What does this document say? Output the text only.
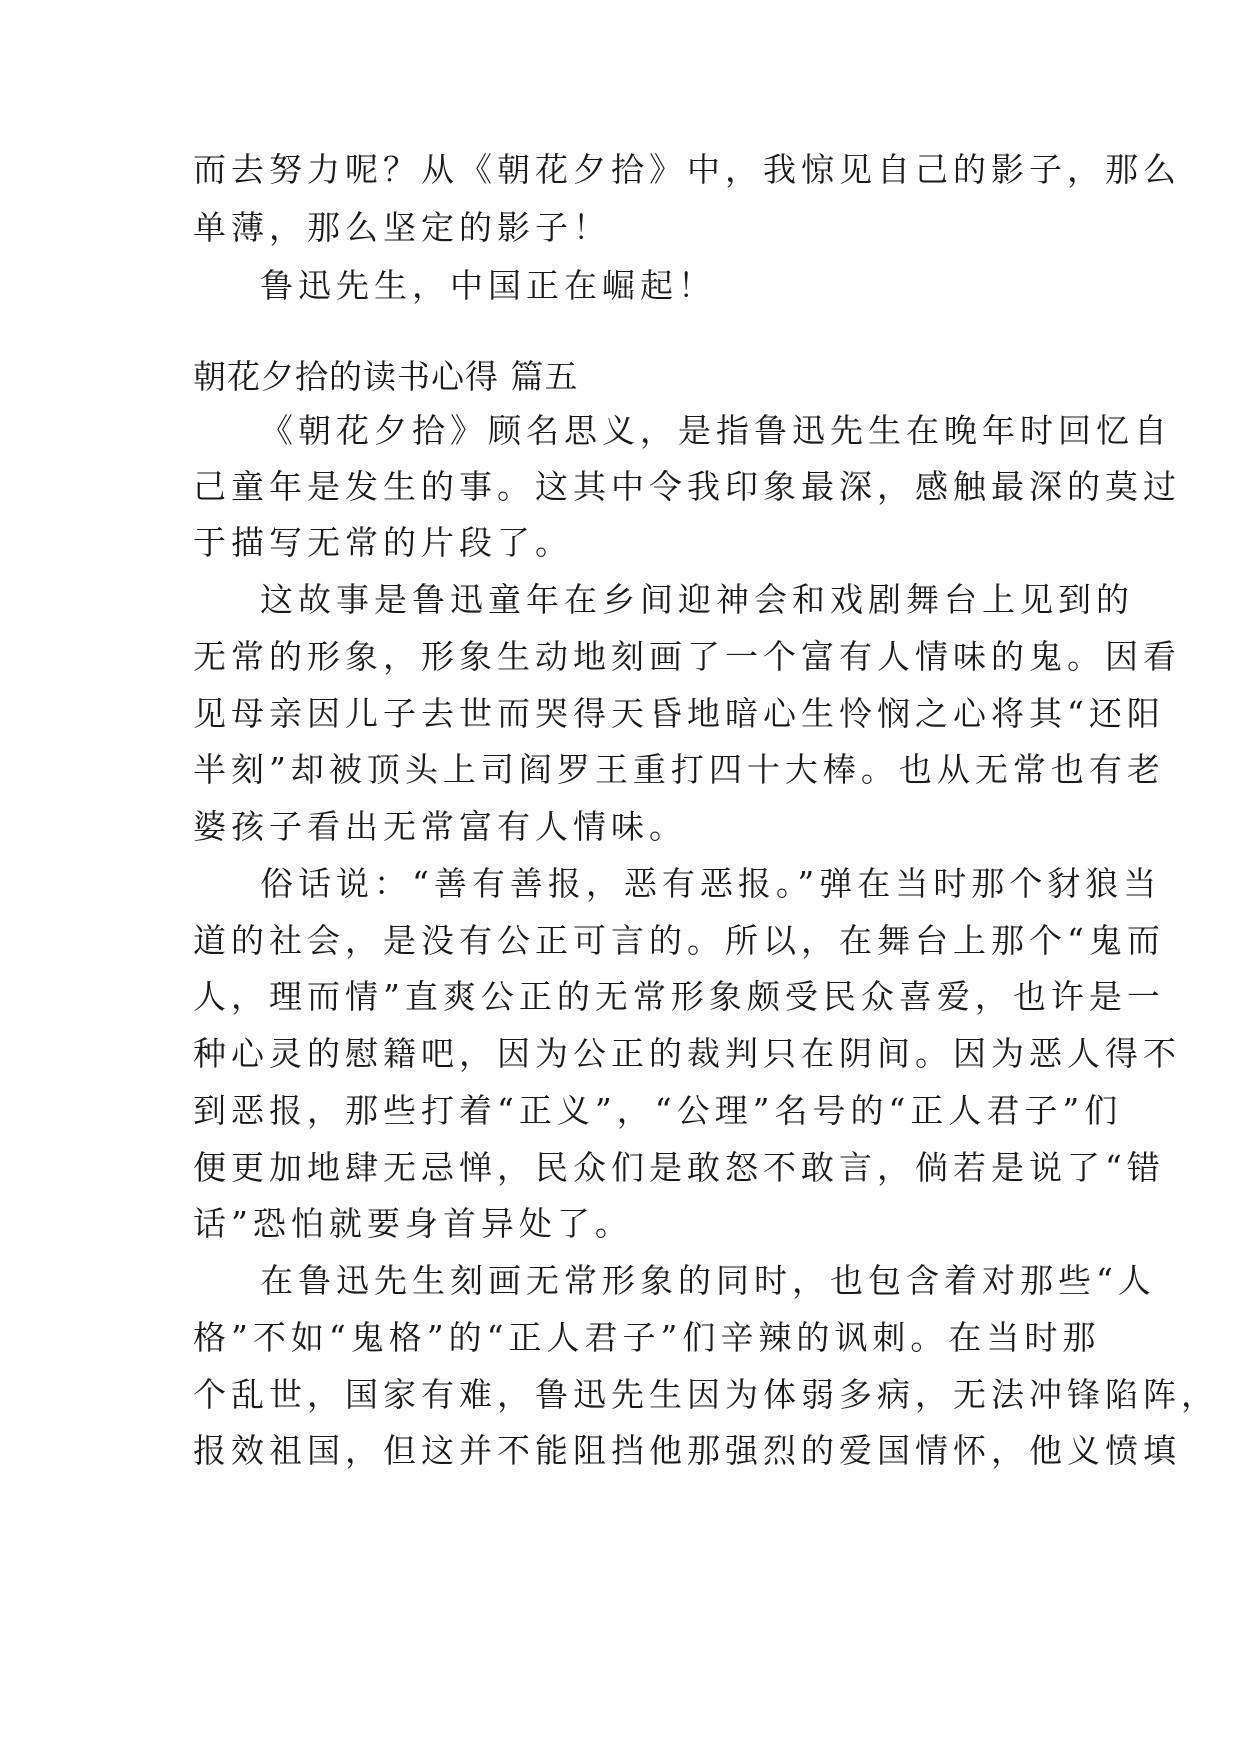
而去努力呢？从《朝花夕拾》中，我惊见自己的影子，那么
单薄，那么坚定的影子！
鲁迅先生，中国正在崛起！
朝花夕拾的读书心得 篇五
《朝花夕拾》顾名思义，是指鲁迅先生在晚年时回忆自
己童年是发生的事。这其中令我印象最深，感触最深的莫过
于描写无常的片段了。
这故事是鲁迅童年在乡间迎神会和戏剧舞台上见到的
无常的形象，形象生动地刻画了一个富有人情味的鬼。因看
见母亲因儿子去世而哭得天昏地暗心生怜悯之心将其“还阳
半刻”却被顶头上司阎罗王重打四十大棒。也从无常也有老
婆孩子看出无常富有人情味。
俗话说：“善有善报，恶有恶报。”弹在当时那个豺狼当
道的社会，是没有公正可言的。所以，在舞台上那个“鬼而
人，理而情”直爽公正的无常形象颇受民众喜爱，也许是一
种心灵的慰籍吧，因为公正的裁判只在阴间。因为恶人得不
到恶报，那些打着“正义”，“公理”名号的“正人君子”们
便更加地肆无忌惮，民众们是敢怒不敢言，倘若是说了“错
话”恐怕就要身首异处了。
在鲁迅先生刻画无常形象的同时，也包含着对那些“人
格”不如“鬼格”的“正人君子”们辛辣的讽刺。在当时那
个乱世，国家有难，鲁迅先生因为体弱多病，无法冲锋陷阵，
报效祖国，但这并不能阻挡他那强烈的爱国情怀，他义愤填
